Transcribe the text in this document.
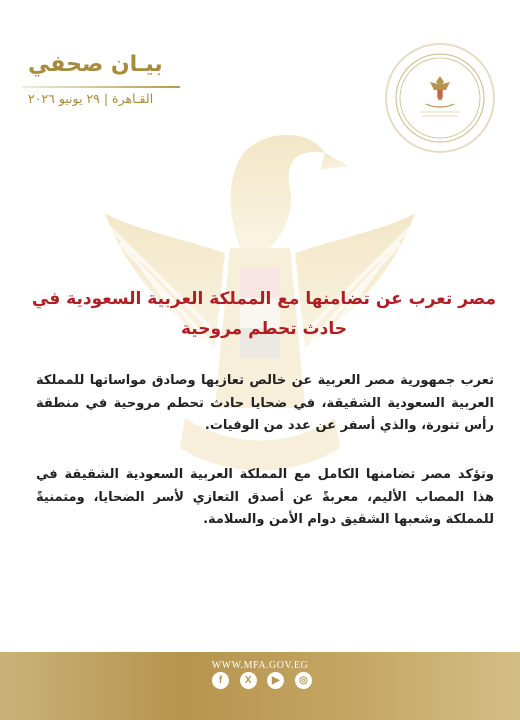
بيـان صحفي
القـاهرة | ٢٩ يونيو ٢٠٢٦
مصر تعرب عن تضامنها مع المملكة العربية السعودية في حادث تحطم مروحية
تعرب جمهورية مصر العربية عن خالص تعازيها وصادق مواساتها للمملكة العربية السعودية الشقيقة، في ضحايا حادث تحطم مروحية في منطقة رأس تنورة، والذي أسفر عن عدد من الوفيات.
وتؤكد مصر تضامنها الكامل مع المملكة العربية السعودية الشقيقة في هذا المصاب الأليم، معربةً عن أصدق التعازي لأسر الضحايا، ومتمنيةً للمملكة وشعبها الشقيق دوام الأمن والسلامة.
WWW.MFA.GOV.EG
f	X	▶	◎
